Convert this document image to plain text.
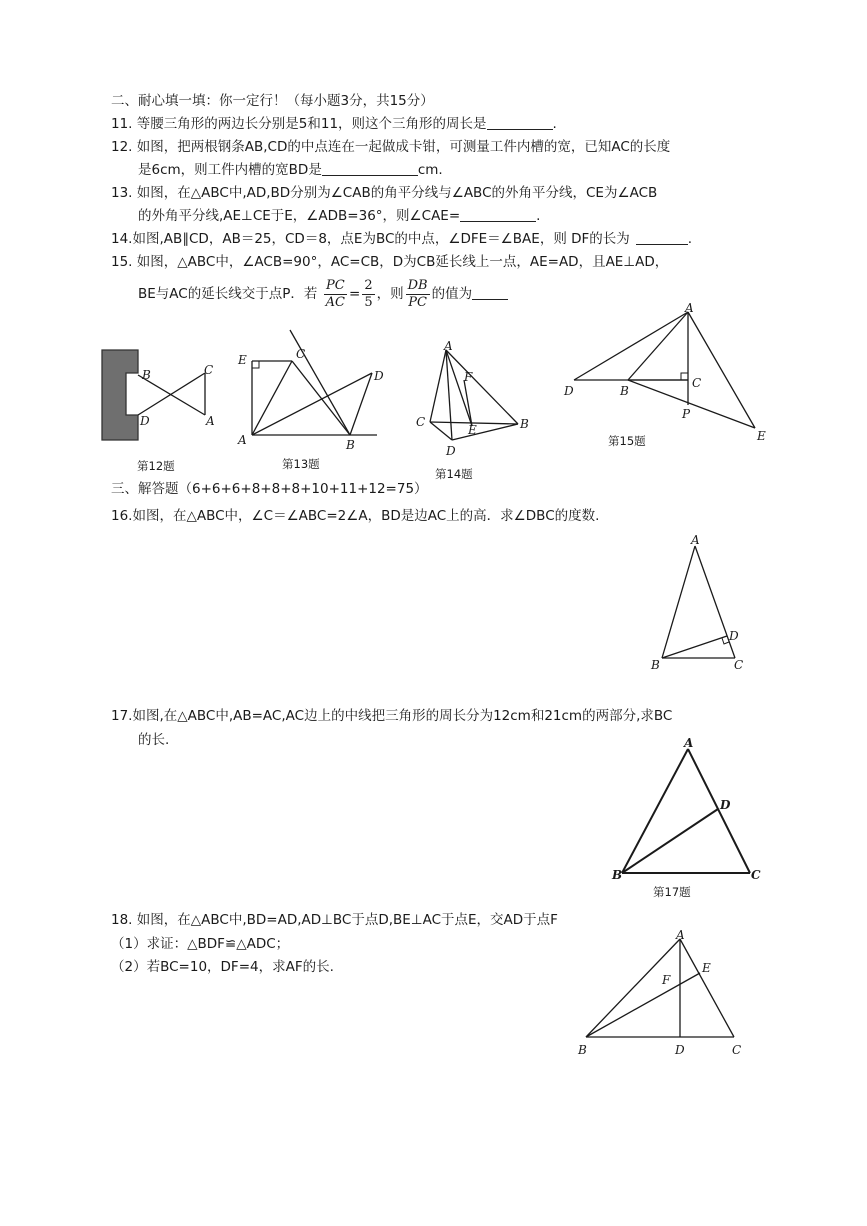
二、耐心填一填：你一定行！（每小题3分，共15分）
11. 等腰三角形的两边长分别是5和11，则这个三角形的周长是	.
12. 如图，把两根钢条AB,CD的中点连在一起做成卡钳，可测量工件内槽的宽，已知AC的长度
是6cm，则工件内槽的宽BD是	cm.
13. 如图，在△ABC中,AD,BD分别为∠CAB的角平分线与∠ABC的外角平分线，CE为∠ACB
的外角平分线,AE⊥CE于E，∠ADB=36°，则∠CAE=	.
14.如图,AB∥CD，AB＝25，CD＝8，点E为BC的中点，∠DFE＝∠BAE，则 DF的长为	.
15. 如图，△ABC中，∠ACB=90°，AC=CB，D为CB延长线上一点，AE=AD，且AE⊥AD，
BE与AC的延长线交于点P．若 $\frac{PC}{AC} = \frac{2}{5}$ ，则 $\frac{DB}{PC}$ 的值为
B	C
D	A
第12题
E	C
D
A	B
第13题
A
F
C
E	B
D
第14题
A
D	B
C
P
E
第15题
三、解答题（6+6+6+8+8+8+10+11+12=75）
16.如图，在△ABC中，∠C＝∠ABC=2∠A，BD是边AC上的高．求∠DBC的度数.
A
D
B	C
17.如图,在△ABC中,AB=AC,AC边上的中线把三角形的周长分为12cm和21cm的两部分,求BC
的长.	A
D
B	C
第17题
18. 如图，在△ABC中,BD=AD,AD⊥BC于点D,BE⊥AC于点E，交AD于点F
（1）求证：△BDF≌△ADC；
（2）若BC=10，DF=4，求AF的长.
A
E
F
B	D	C
